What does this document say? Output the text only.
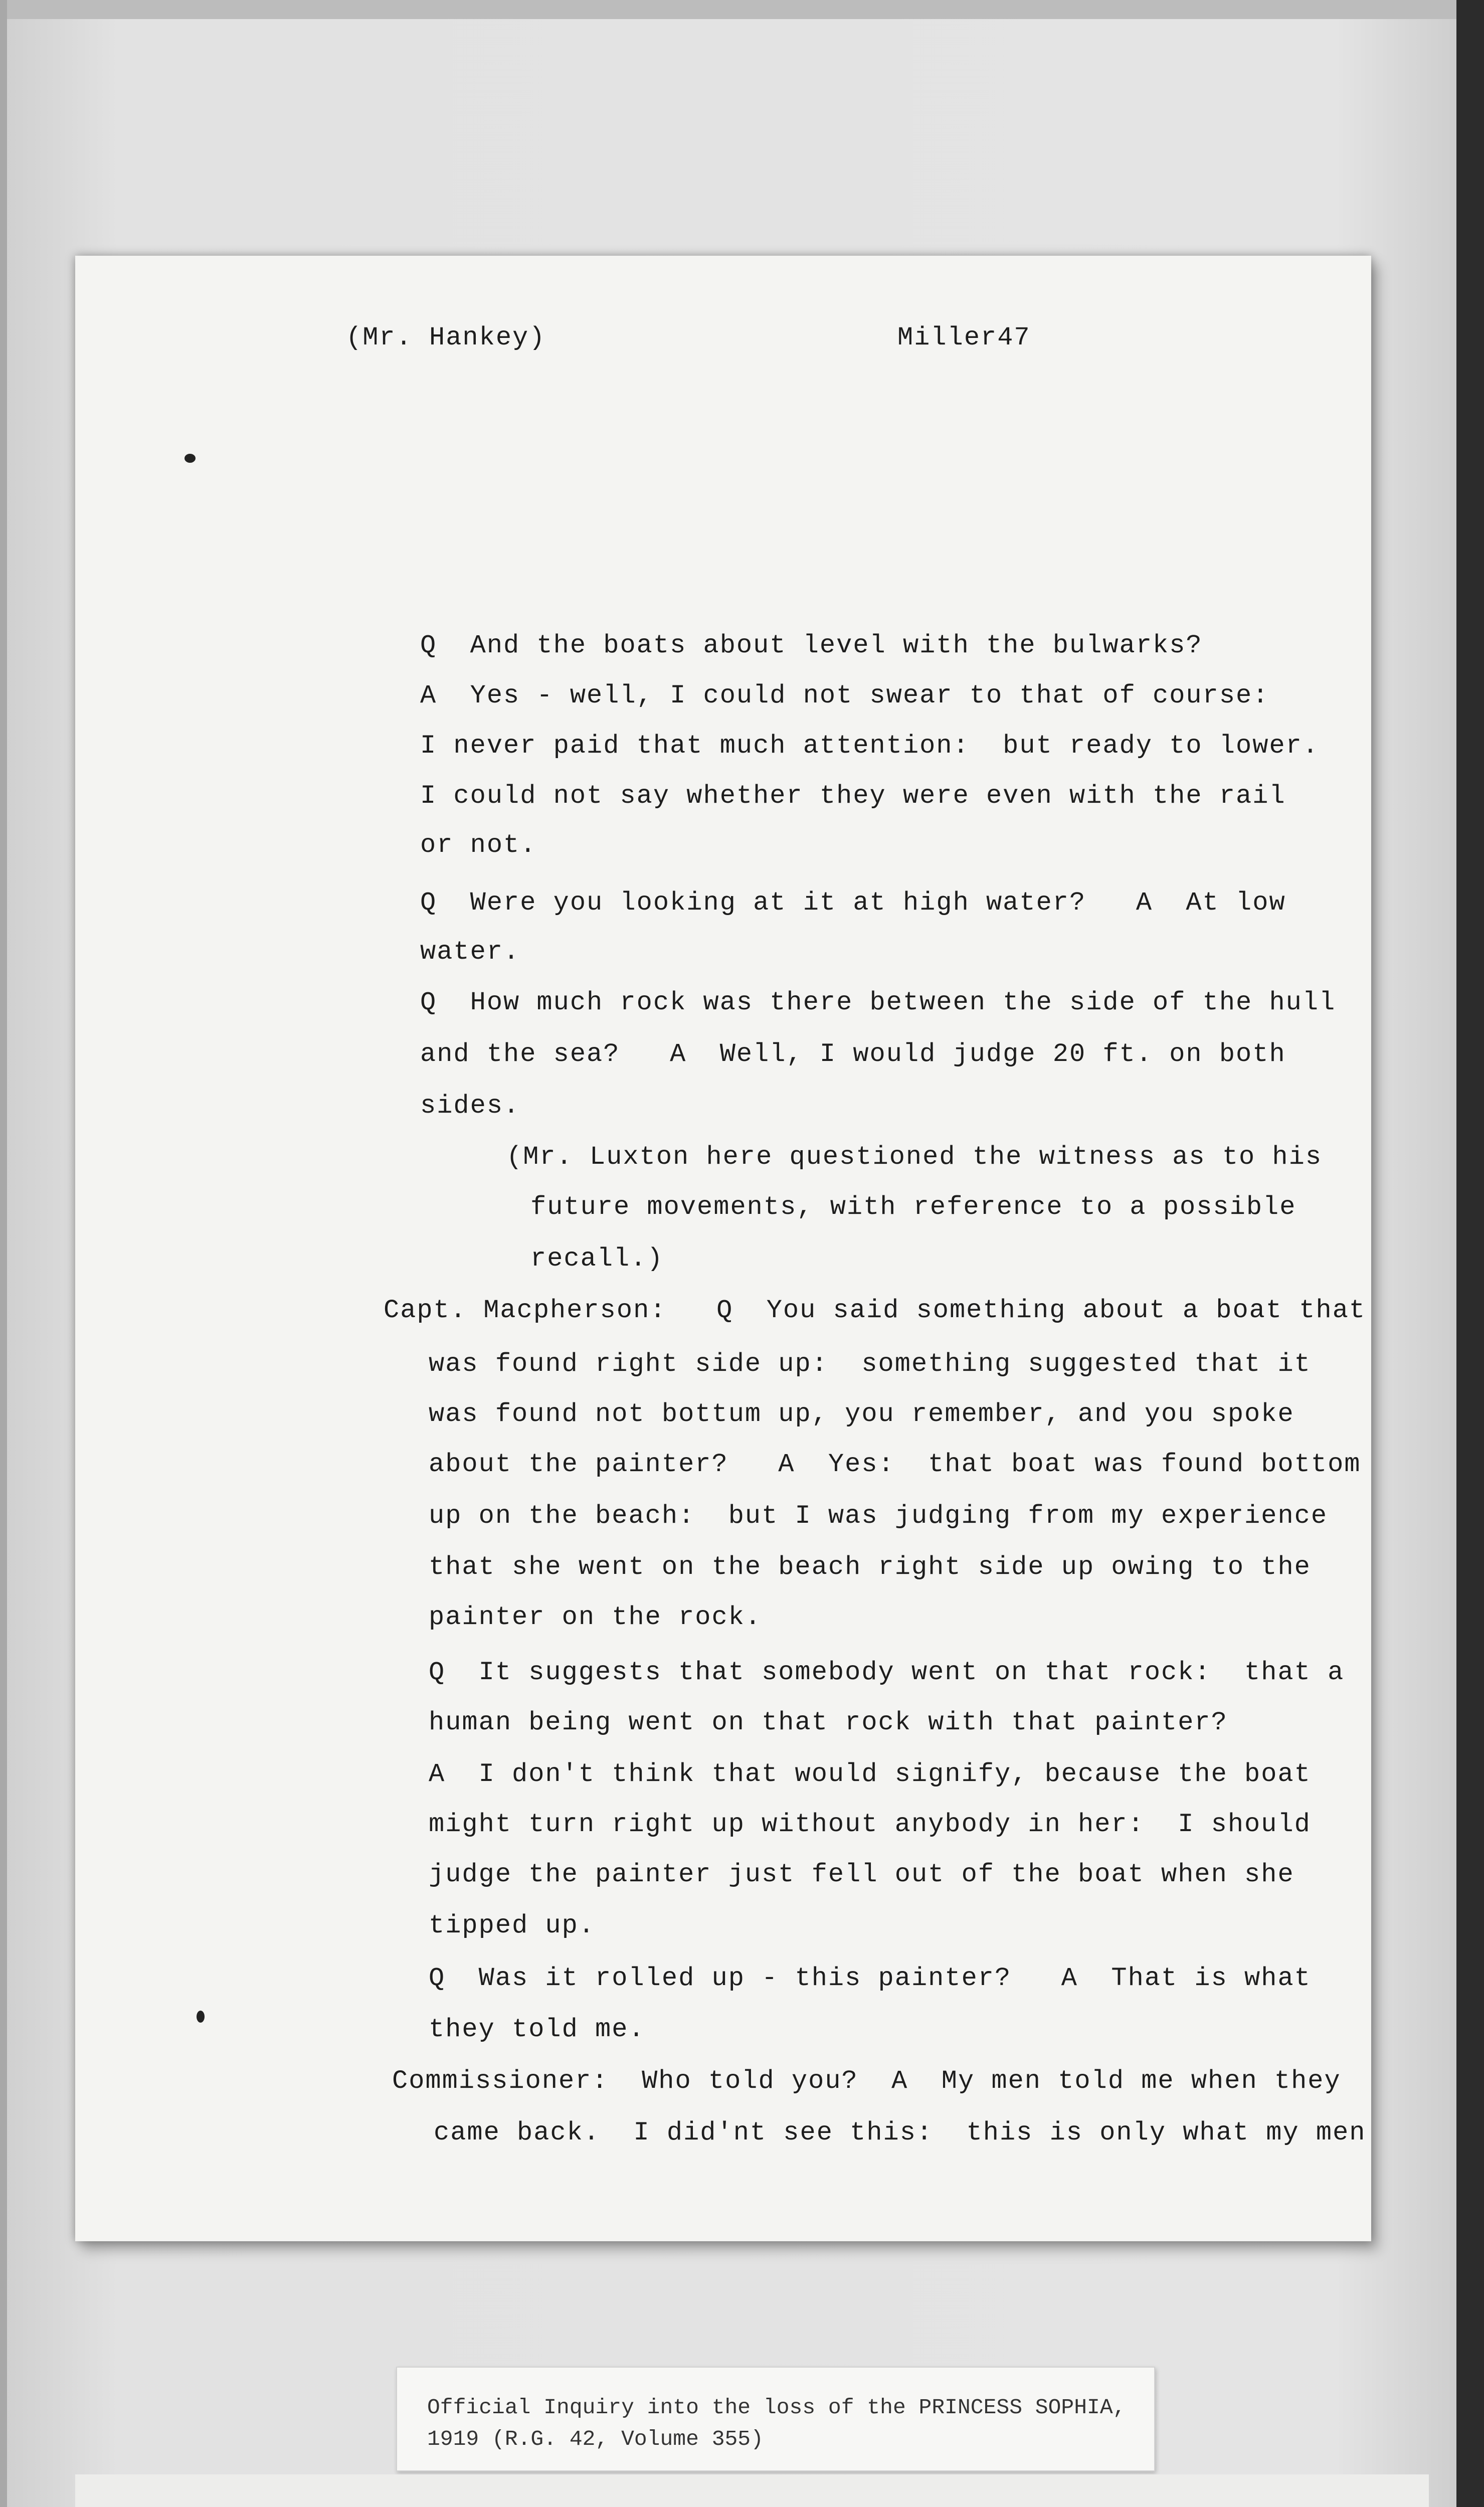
(Mr. Hankey)	Miller47
Q  And the boats about level with the bulwarks?
A  Yes - well, I could not swear to that of course:
I never paid that much attention:  but ready to lower.
I could not say whether they were even with the rail
or not.
Q  Were you looking at it at high water?   A  At low
water.
Q  How much rock was there between the side of the hull
and the sea?   A  Well, I would judge 20 ft. on both
sides.
(Mr. Luxton here questioned the witness as to his
future movements, with reference to a possible
recall.)
Capt. Macpherson:   Q  You said something about a boat that
was found right side up:  something suggested that it
was found not bottum up, you remember, and you spoke
about the painter?   A  Yes:  that boat was found bottom
up on the beach:  but I was judging from my experience
that she went on the beach right side up owing to the
painter on the rock.
Q  It suggests that somebody went on that rock:  that a
human being went on that rock with that painter?
A  I don't think that would signify, because the boat
might turn right up without anybody in her:  I should
judge the painter just fell out of the boat when she
tipped up.
Q  Was it rolled up - this painter?   A  That is what
they told me.
Commissioner:  Who told you?  A  My men told me when they
came back.  I did'nt see this:  this is only what my men
Official Inquiry into the loss of the PRINCESS SOPHIA,
1919 (R.G. 42, Volume 355)
